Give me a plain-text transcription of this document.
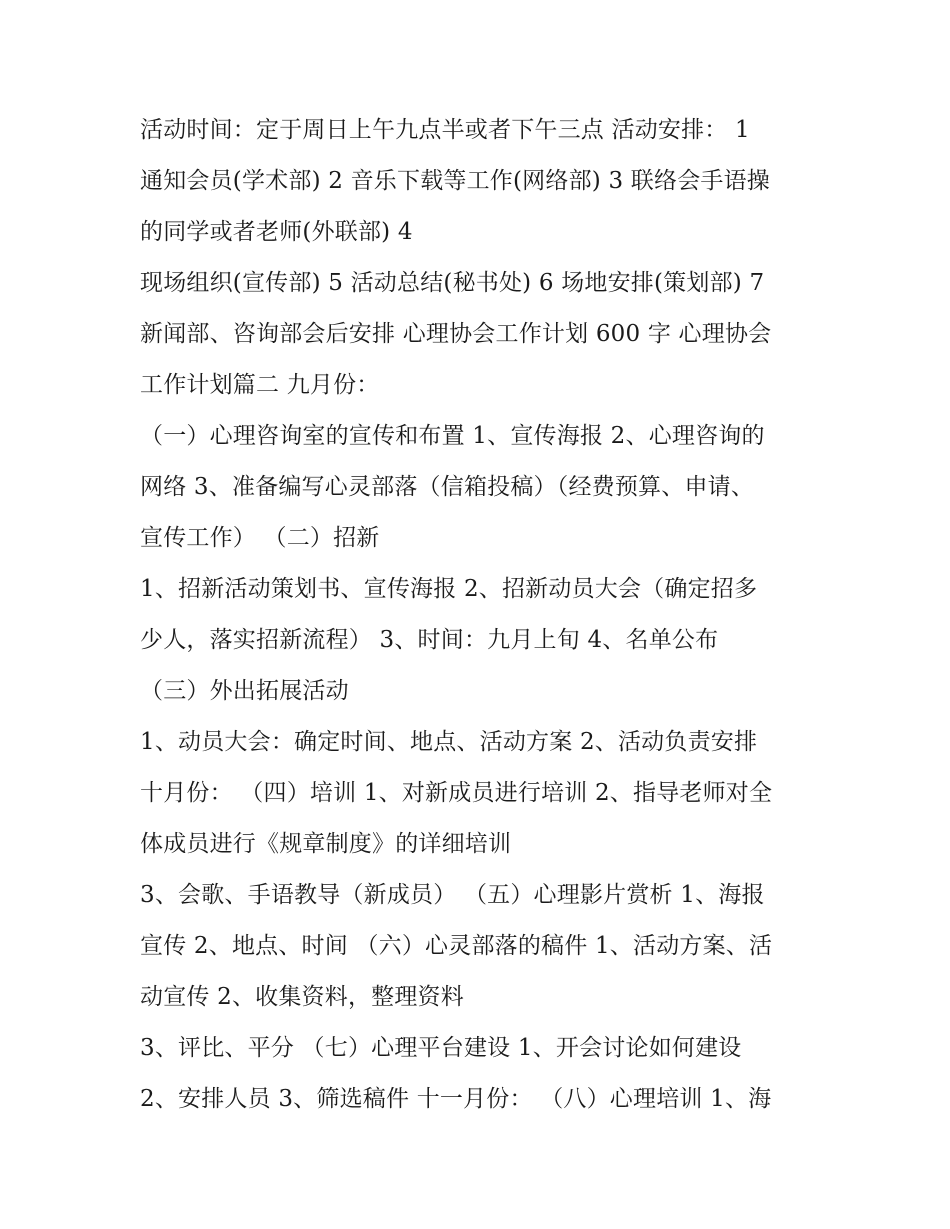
活动时间：定于周日上午九点半或者下午三点 活动安排： 1
通知会员(学术部) 2 音乐下载等工作(网络部) 3 联络会手语操
的同学或者老师(外联部) 4
现场组织(宣传部) 5 活动总结(秘书处) 6 场地安排(策划部) 7
新闻部、咨询部会后安排 心理协会工作计划 600 字 心理协会
工作计划篇二 九月份：
（一）心理咨询室的宣传和布置 1、宣传海报 2、心理咨询的
网络 3、准备编写心灵部落（信箱投稿）（经费预算、申请、
宣传工作） （二）招新
1、招新活动策划书、宣传海报 2、招新动员大会（确定招多
少人，落实招新流程） 3、时间：九月上旬 4、名单公布
（三）外出拓展活动
1、动员大会：确定时间、地点、活动方案 2、活动负责安排
十月份： （四）培训 1、对新成员进行培训 2、指导老师对全
体成员进行《规章制度》的详细培训
3、会歌、手语教导（新成员） （五）心理影片赏析 1、海报
宣传 2、地点、时间 （六）心灵部落的稿件 1、活动方案、活
动宣传 2、收集资料，整理资料
3、评比、平分 （七）心理平台建设 1、开会讨论如何建设
2、安排人员 3、筛选稿件 十一月份： （八）心理培训 1、海
